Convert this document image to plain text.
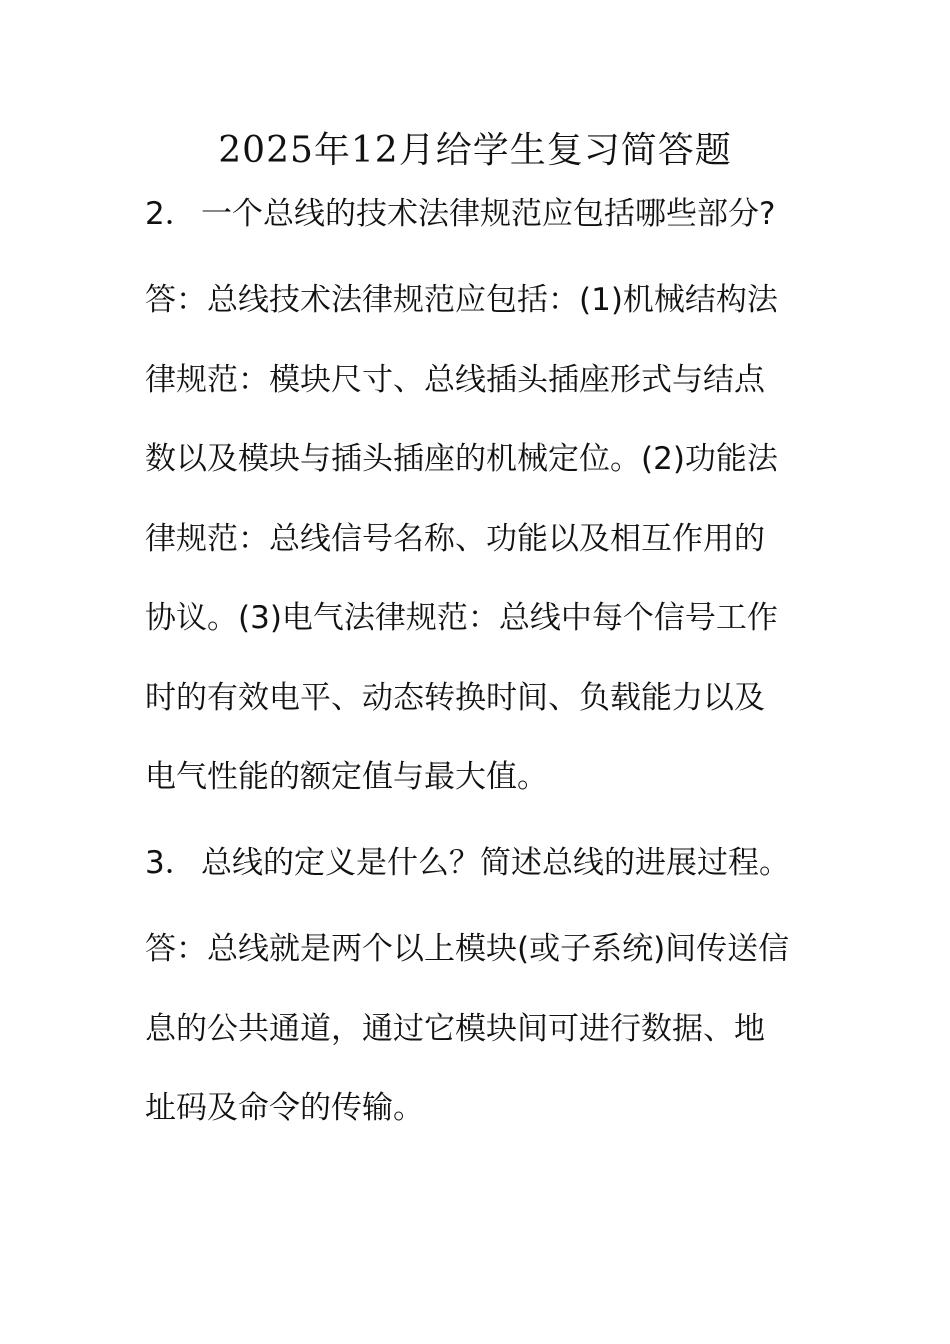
2025年12月给学生复习简答题
2． 一个总线的技术法律规范应包括哪些部分?
答：总线技术法律规范应包括：(1)机械结构法
律规范：模块尺寸、总线插头插座形式与结点
数以及模块与插头插座的机械定位。(2)功能法
律规范：总线信号名称、功能以及相互作用的
协议。(3)电气法律规范：总线中每个信号工作
时的有效电平、动态转换时间、负载能力以及
电气性能的额定值与最大值。
3． 总线的定义是什么？简述总线的进展过程。
答：总线就是两个以上模块(或子系统)间传送信
息的公共通道，通过它模块间可进行数据、地
址码及命令的传输。
